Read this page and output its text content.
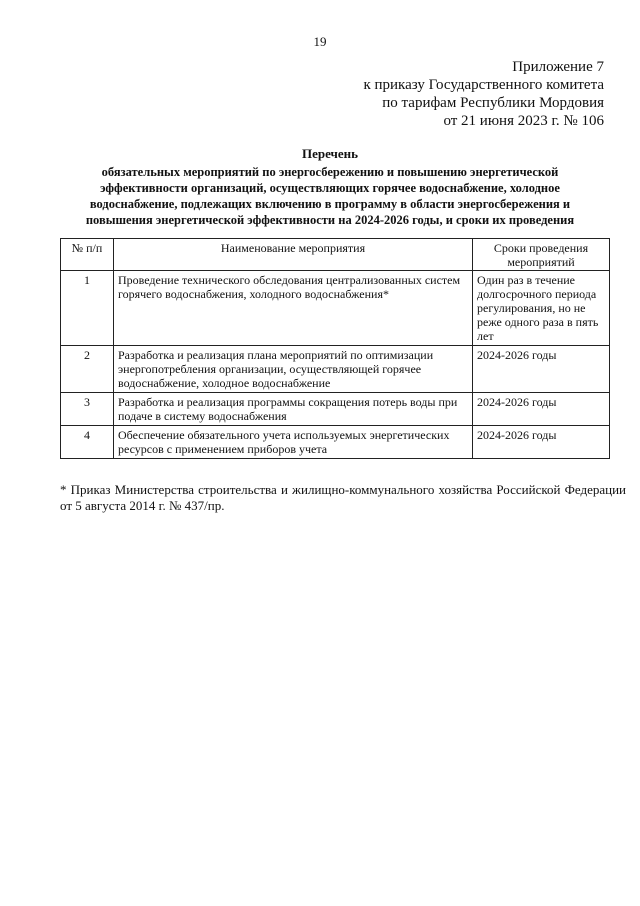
19
Приложение 7
к приказу Государственного комитета
по тарифам Республики Мордовия
от 21 июня 2023 г. № 106
Перечень
обязательных мероприятий по энергосбережению и повышению энергетической эффективности организаций, осуществляющих горячее водоснабжение, холодное водоснабжение, подлежащих включению в программу в области энергосбережения и повышения энергетической эффективности на 2024-2026 годы, и сроки их проведения
№ п/п	Наименование мероприятия	Сроки проведения мероприятий
1	Проведение технического обследования централизованных систем горячего водоснабжения, холодного водоснабжения*	Один раз в течение долгосрочного периода регулирования, но не реже одного раза в пять лет
2	Разработка и реализация плана мероприятий по оптимизации энергопотребления организации, осуществляющей горячее водоснабжение, холодное водоснабжение	2024-2026 годы
3	Разработка и реализация программы сокращения потерь воды при подаче в систему водоснабжения	2024-2026 годы
4	Обеспечение обязательного учета используемых энергетических ресурсов с применением приборов учета	2024-2026 годы
* Приказ Министерства строительства и жилищно-коммунального хозяйства Российской Федерации от 5 августа 2014 г. № 437/пр.
